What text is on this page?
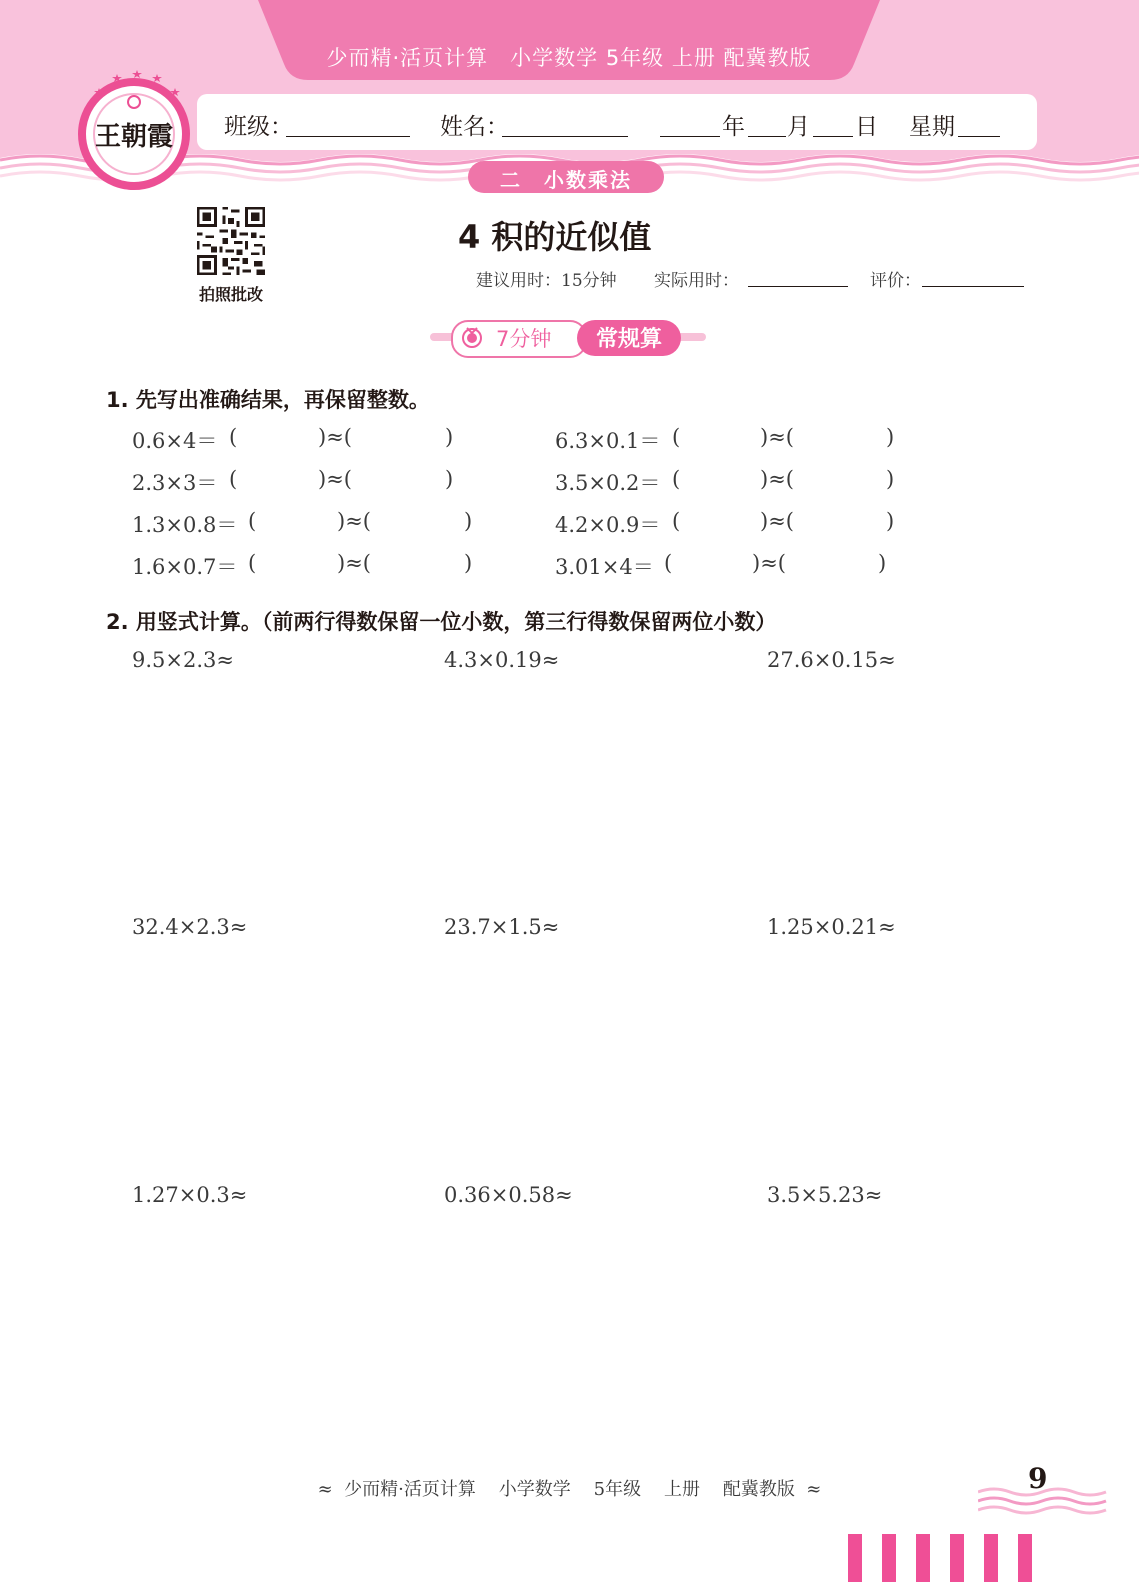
少而精·活页计算　小学数学 5年级 上册 配冀教版
班级：	姓名：	年 月 日 星期
王朝霞
二　小数乘法
拍照批改
4 积的近似值
建议用时：15分钟 实际用时：	评价：
7分钟	常规算
1. 先写出准确结果，再保留整数。
0.6×4＝ (	)≈(	)	6.3×0.1＝ (	)≈(	)
2.3×3＝ (	)≈(	)	3.5×0.2＝ (	)≈(	)
1.3×0.8＝ (	)≈(	)	4.2×0.9＝ (	)≈(	)
1.6×0.7＝ (	)≈(	)	3.01×4＝ (	)≈(	)
2. 用竖式计算。（前两行得数保留一位小数，第三行得数保留两位小数）
9.5×2.3≈	4.3×0.19≈	27.6×0.15≈
32.4×2.3≈	23.7×1.5≈	1.25×0.21≈
1.27×0.3≈	0.36×0.58≈	3.5×5.23≈
≈  少而精·活页计算    小学数学    5年级    上册    配冀教版  ≈	9
